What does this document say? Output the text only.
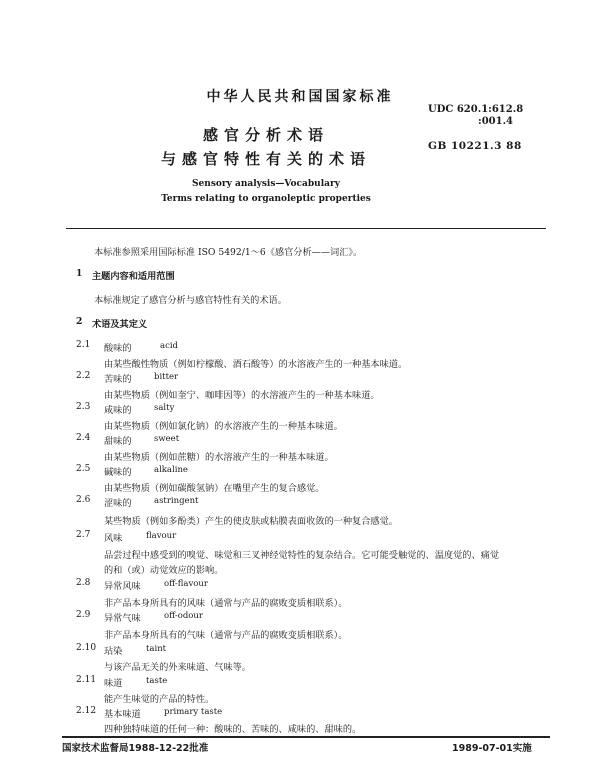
中华人民共和国国家标准
感官分析术语
与感官特性有关的术语
UDC 620.1:612.8
:001.4
GB 10221.3 88
Sensory analysis—Vocabulary
Terms relating to organoleptic properties
本标准参照采用国际标准 ISO 5492/1～6《感官分析——词汇》。
1 主题内容和适用范围
本标准规定了感官分析与感官特性有关的术语。
2 术语及其定义
2.1 酸味的	acid
由某些酸性物质（例如柠檬酸、酒石酸等）的水溶液产生的一种基本味道。
2.2 苦味的	bitter
由某些物质（例如奎宁、咖啡因等）的水溶液产生的一种基本味道。
2.3 咸味的	salty
由某些物质（例如氯化钠）的水溶液产生的一种基本味道。
2.4 甜味的	sweet
由某些物质（例如蔗糖）的水溶液产生的一种基本味道。
2.5 碱味的	alkaline
由某些物质（例如碳酸氢钠）在嘴里产生的复合感觉。
2.6 涩味的	astringent
某些物质（例如多酚类）产生的使皮肤或粘膜表面收敛的一种复合感觉。
2.7 风味	flavour
品尝过程中感受到的嗅觉、味觉和三叉神经觉特性的复杂结合。它可能受触觉的、温度觉的、痛觉
的和（或）动觉效应的影响。
2.8 异常风味	off-flavour
非产品本身所具有的风味（通常与产品的腐败变质相联系）。
2.9 异常气味	off-odour
非产品本身所具有的气味（通常与产品的腐败变质相联系）。
2.10 玷染	taint
与该产品无关的外来味道、气味等。
2.11 味道	taste
能产生味觉的产品的特性。
2.12 基本味道	primary taste
四种独特味道的任何一种：酸味的、苦味的、咸味的、甜味的。
国家技术监督局1988-12-22批准	1989-07-01实施
